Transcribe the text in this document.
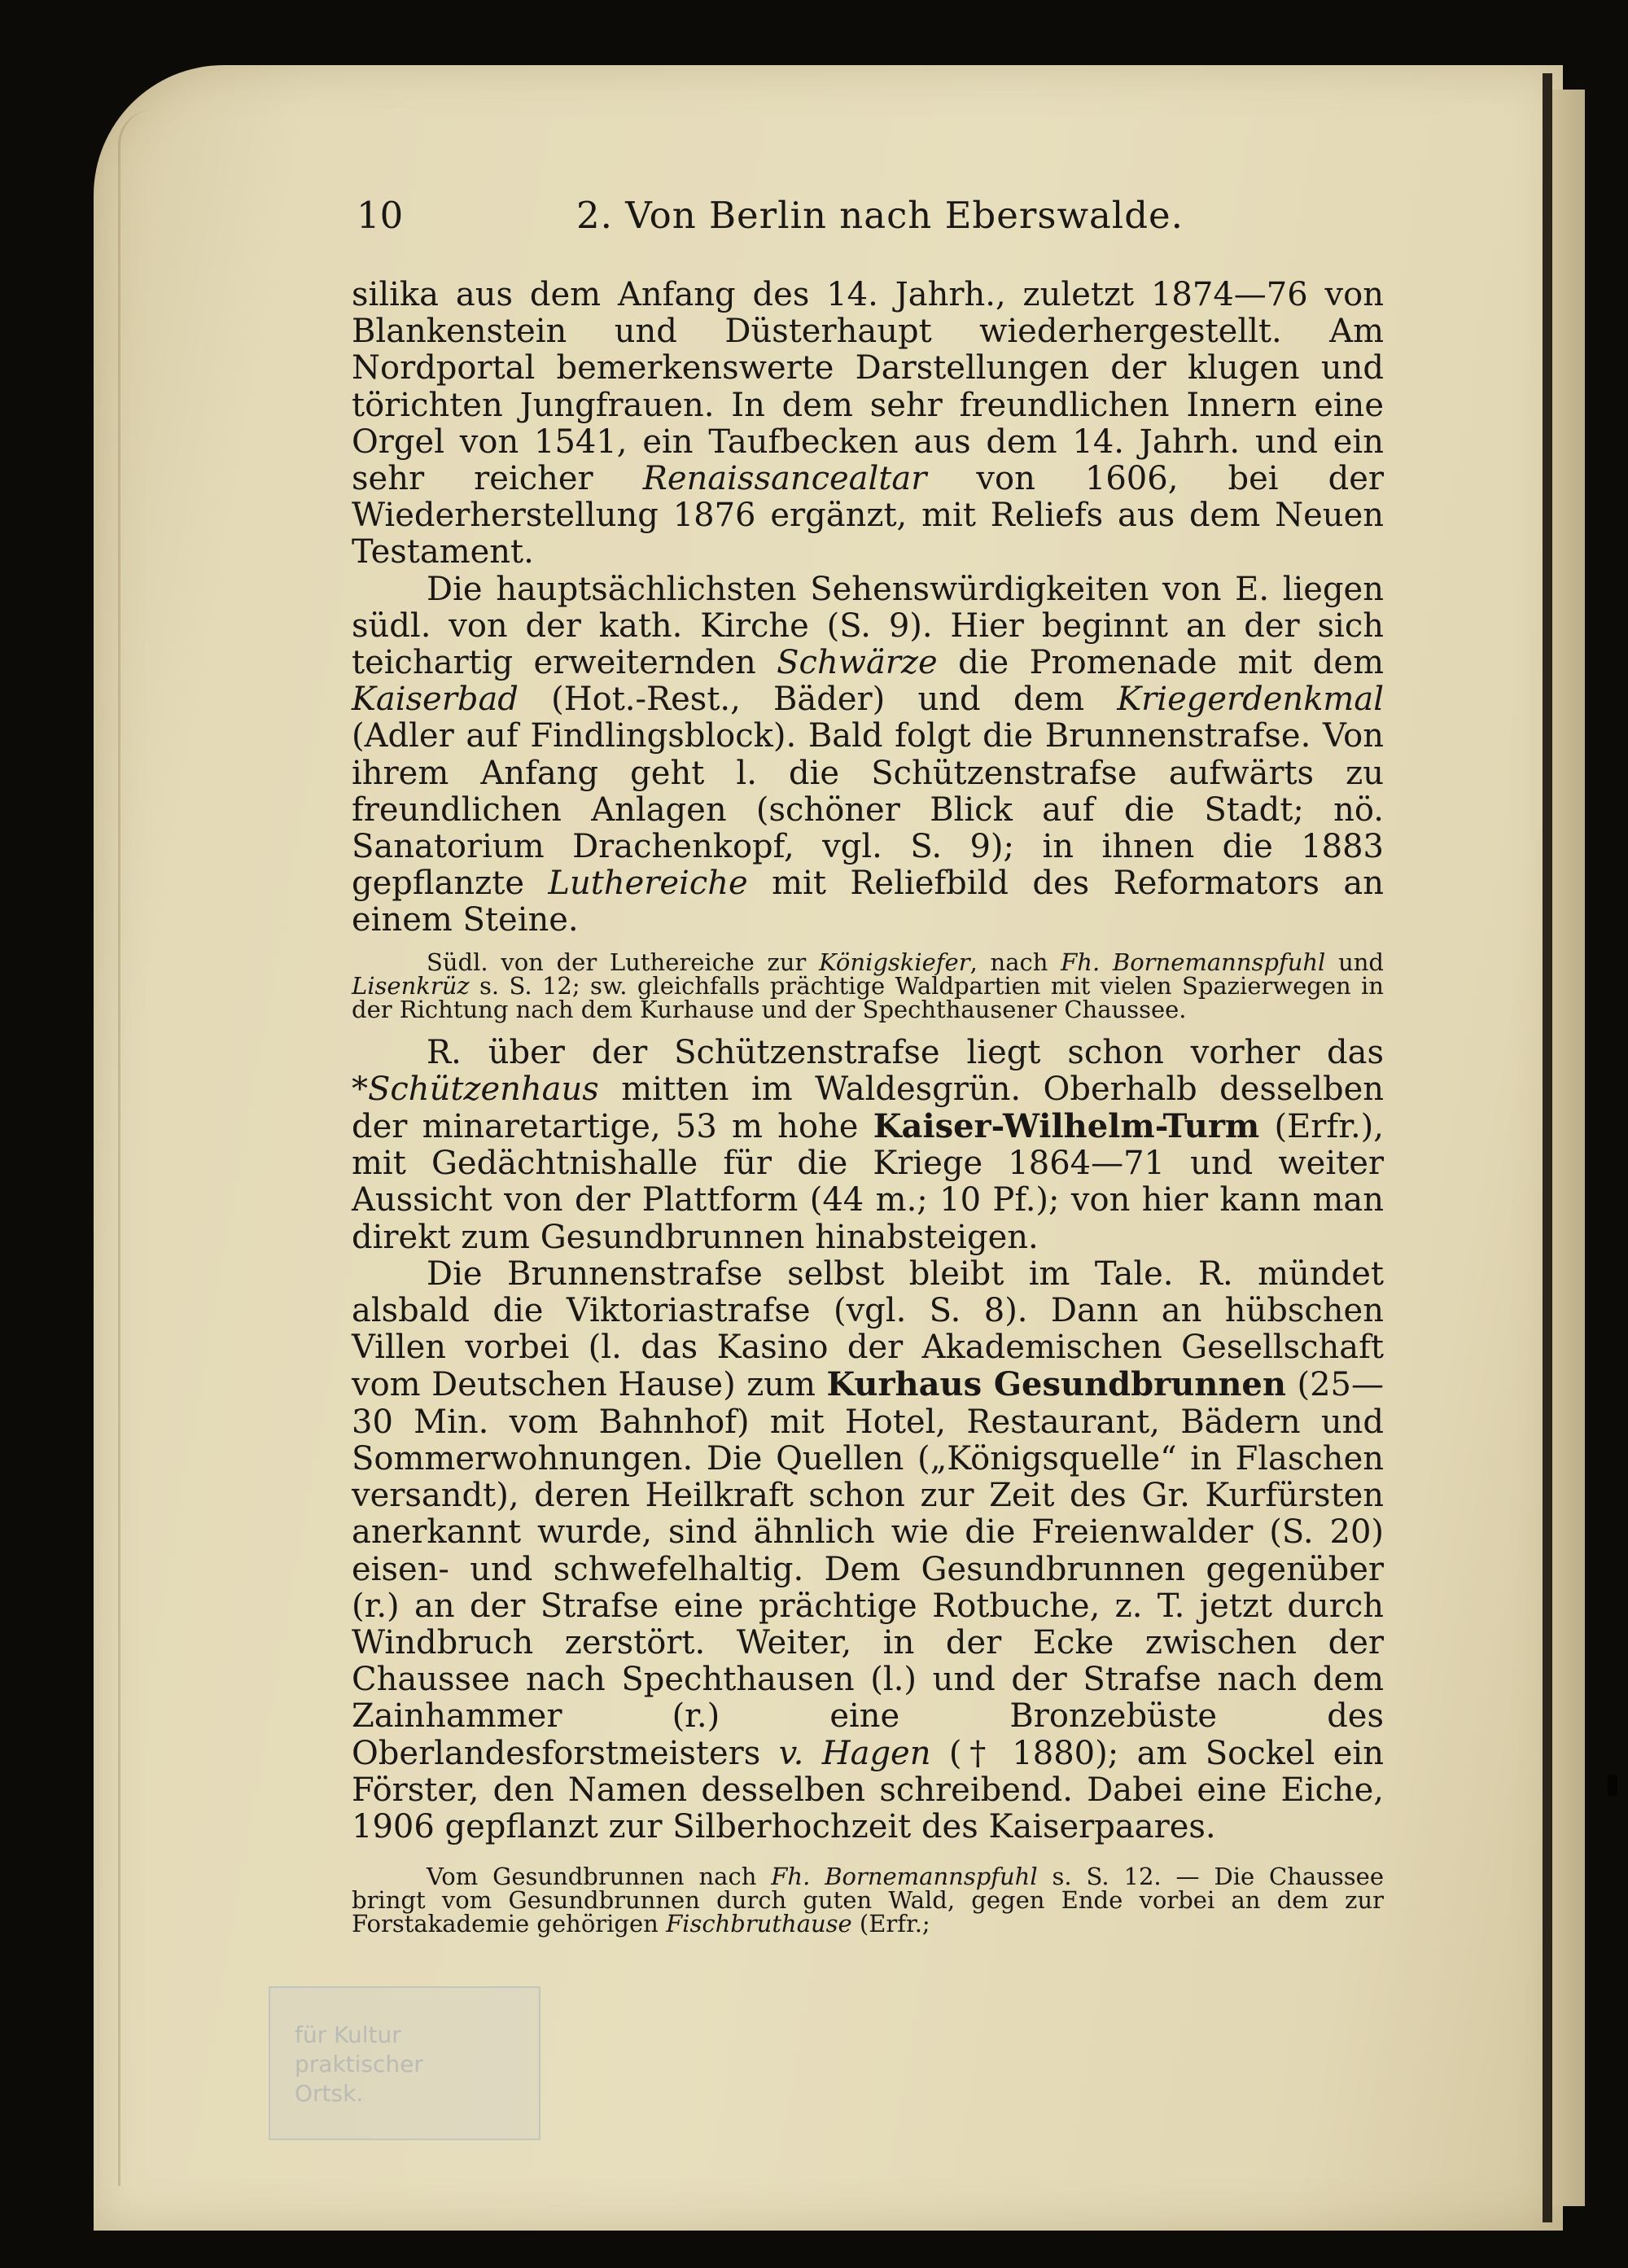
für Kultur
praktischer
Ortsk.
10	2. Von Berlin nach Eberswalde.

silika aus dem Anfang des 14. Jahrh., zuletzt 1874—76 von Blankenstein und Düsterhaupt wiederhergestellt. Am Nordportal bemerkenswerte Darstellungen der klugen und törichten Jungfrauen. In dem sehr freundlichen Innern eine Orgel von 1541, ein Taufbecken aus dem 14. Jahrh. und ein sehr reicher Renaissancealtar von 1606, bei der Wiederherstellung 1876 ergänzt, mit Reliefs aus dem Neuen Testament.

Die hauptsächlichsten Sehenswürdigkeiten von E. liegen südl. von der kath. Kirche (S. 9). Hier beginnt an der sich teichartig erweiternden Schwärze die Promenade mit dem Kaiserbad (Hot.-Rest., Bäder) und dem Kriegerdenkmal (Adler auf Findlingsblock). Bald folgt die Brunnenstrafse. Von ihrem Anfang geht l. die Schützenstrafse aufwärts zu freundlichen Anlagen (schöner Blick auf die Stadt; nö. Sanatorium Drachenkopf, vgl. S. 9); in ihnen die 1883 gepflanzte Luthereiche mit Reliefbild des Reformators an einem Steine.

Südl. von der Luthereiche zur Königskiefer, nach Fh. Bornemannspfuhl und Lisenkrüz s. S. 12; sw. gleichfalls prächtige Waldpartien mit vielen Spazierwegen in der Richtung nach dem Kurhause und der Spechthausener Chaussee.

R. über der Schützenstrafse liegt schon vorher das *Schützenhaus mitten im Waldesgrün. Oberhalb desselben der minaretartige, 53 m hohe Kaiser-Wilhelm-Turm (Erfr.), mit Gedächtnishalle für die Kriege 1864—71 und weiter Aussicht von der Plattform (44 m.; 10 Pf.); von hier kann man direkt zum Gesundbrunnen hinabsteigen.

Die Brunnenstrafse selbst bleibt im Tale. R. mündet alsbald die Viktoriastrafse (vgl. S. 8). Dann an hübschen Villen vorbei (l. das Kasino der Akademischen Gesellschaft vom Deutschen Hause) zum Kurhaus Gesundbrunnen (25—30 Min. vom Bahnhof) mit Hotel, Restaurant, Bädern und Sommerwohnungen. Die Quellen („Königsquelle“ in Flaschen versandt), deren Heilkraft schon zur Zeit des Gr. Kurfürsten anerkannt wurde, sind ähnlich wie die Freienwalder (S. 20) eisen- und schwefelhaltig. Dem Gesundbrunnen gegenüber (r.) an der Strafse eine prächtige Rotbuche, z. T. jetzt durch Windbruch zerstört. Weiter, in der Ecke zwischen der Chaussee nach Spechthausen (l.) und der Strafse nach dem Zainhammer (r.) eine Bronzebüste des Oberlandesforstmeisters v. Hagen († 1880); am Sockel ein Förster, den Namen desselben schreibend. Dabei eine Eiche, 1906 gepflanzt zur Silberhochzeit des Kaiserpaares.

Vom Gesundbrunnen nach Fh. Bornemannspfuhl s. S. 12. — Die Chaussee bringt vom Gesundbrunnen durch guten Wald, gegen Ende vorbei an dem zur Forstakademie gehörigen Fischbruthause (Erfr.;
